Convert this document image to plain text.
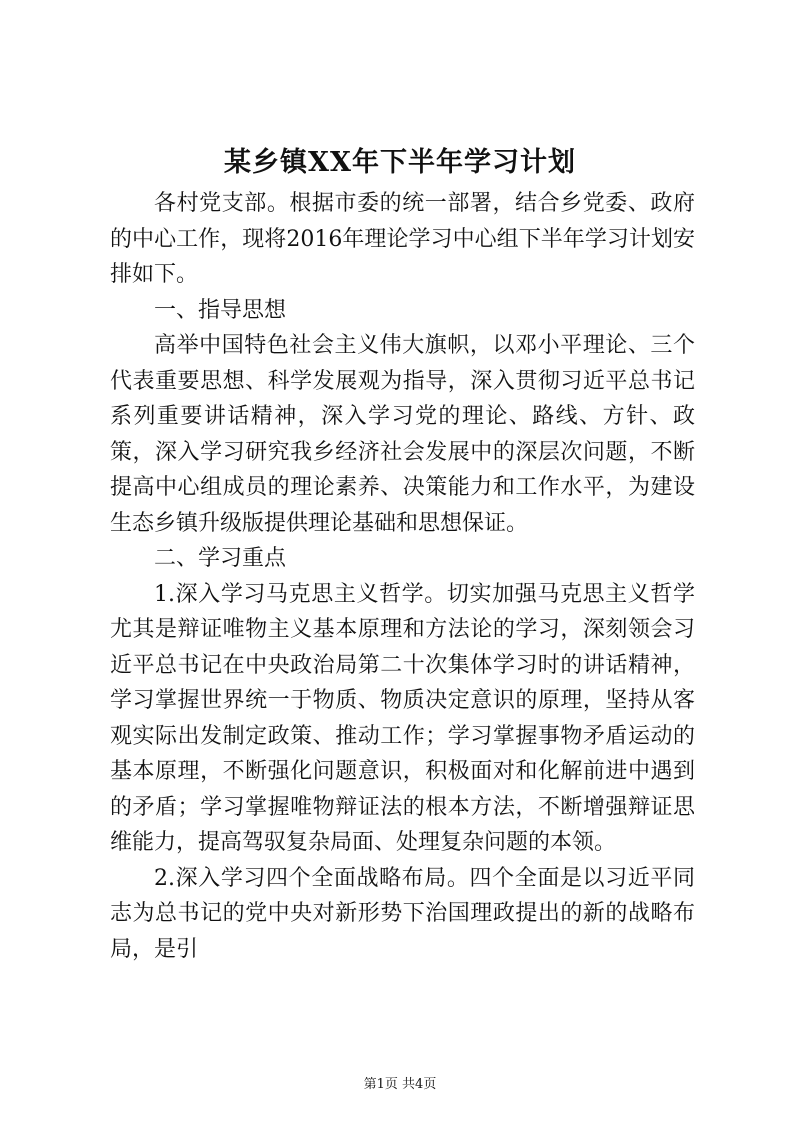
某乡镇XX年下半年学习计划

各村党支部。根据市委的统一部署，结合乡党委、政府的中心工作，现将2016年理论学习中心组下半年学习计划安排如下。

一、指导思想

高举中国特色社会主义伟大旗帜，以邓小平理论、三个代表重要思想、科学发展观为指导，深入贯彻习近平总书记系列重要讲话精神，深入学习党的理论、路线、方针、政策，深入学习研究我乡经济社会发展中的深层次问题，不断提高中心组成员的理论素养、决策能力和工作水平，为建设生态乡镇升级版提供理论基础和思想保证。

二、学习重点

1.深入学习马克思主义哲学。切实加强马克思主义哲学尤其是辩证唯物主义基本原理和方法论的学习，深刻领会习近平总书记在中央政治局第二十次集体学习时的讲话精神，学习掌握世界统一于物质、物质决定意识的原理，坚持从客观实际出发制定政策、推动工作；学习掌握事物矛盾运动的基本原理，不断强化问题意识，积极面对和化解前进中遇到的矛盾；学习掌握唯物辩证法的根本方法，不断增强辩证思维能力，提高驾驭复杂局面、处理复杂问题的本领。

2.深入学习四个全面战略布局。四个全面是以习近平同志为总书记的党中央对新形势下治国理政提出的新的战略布局，是引

第1页 共4页
